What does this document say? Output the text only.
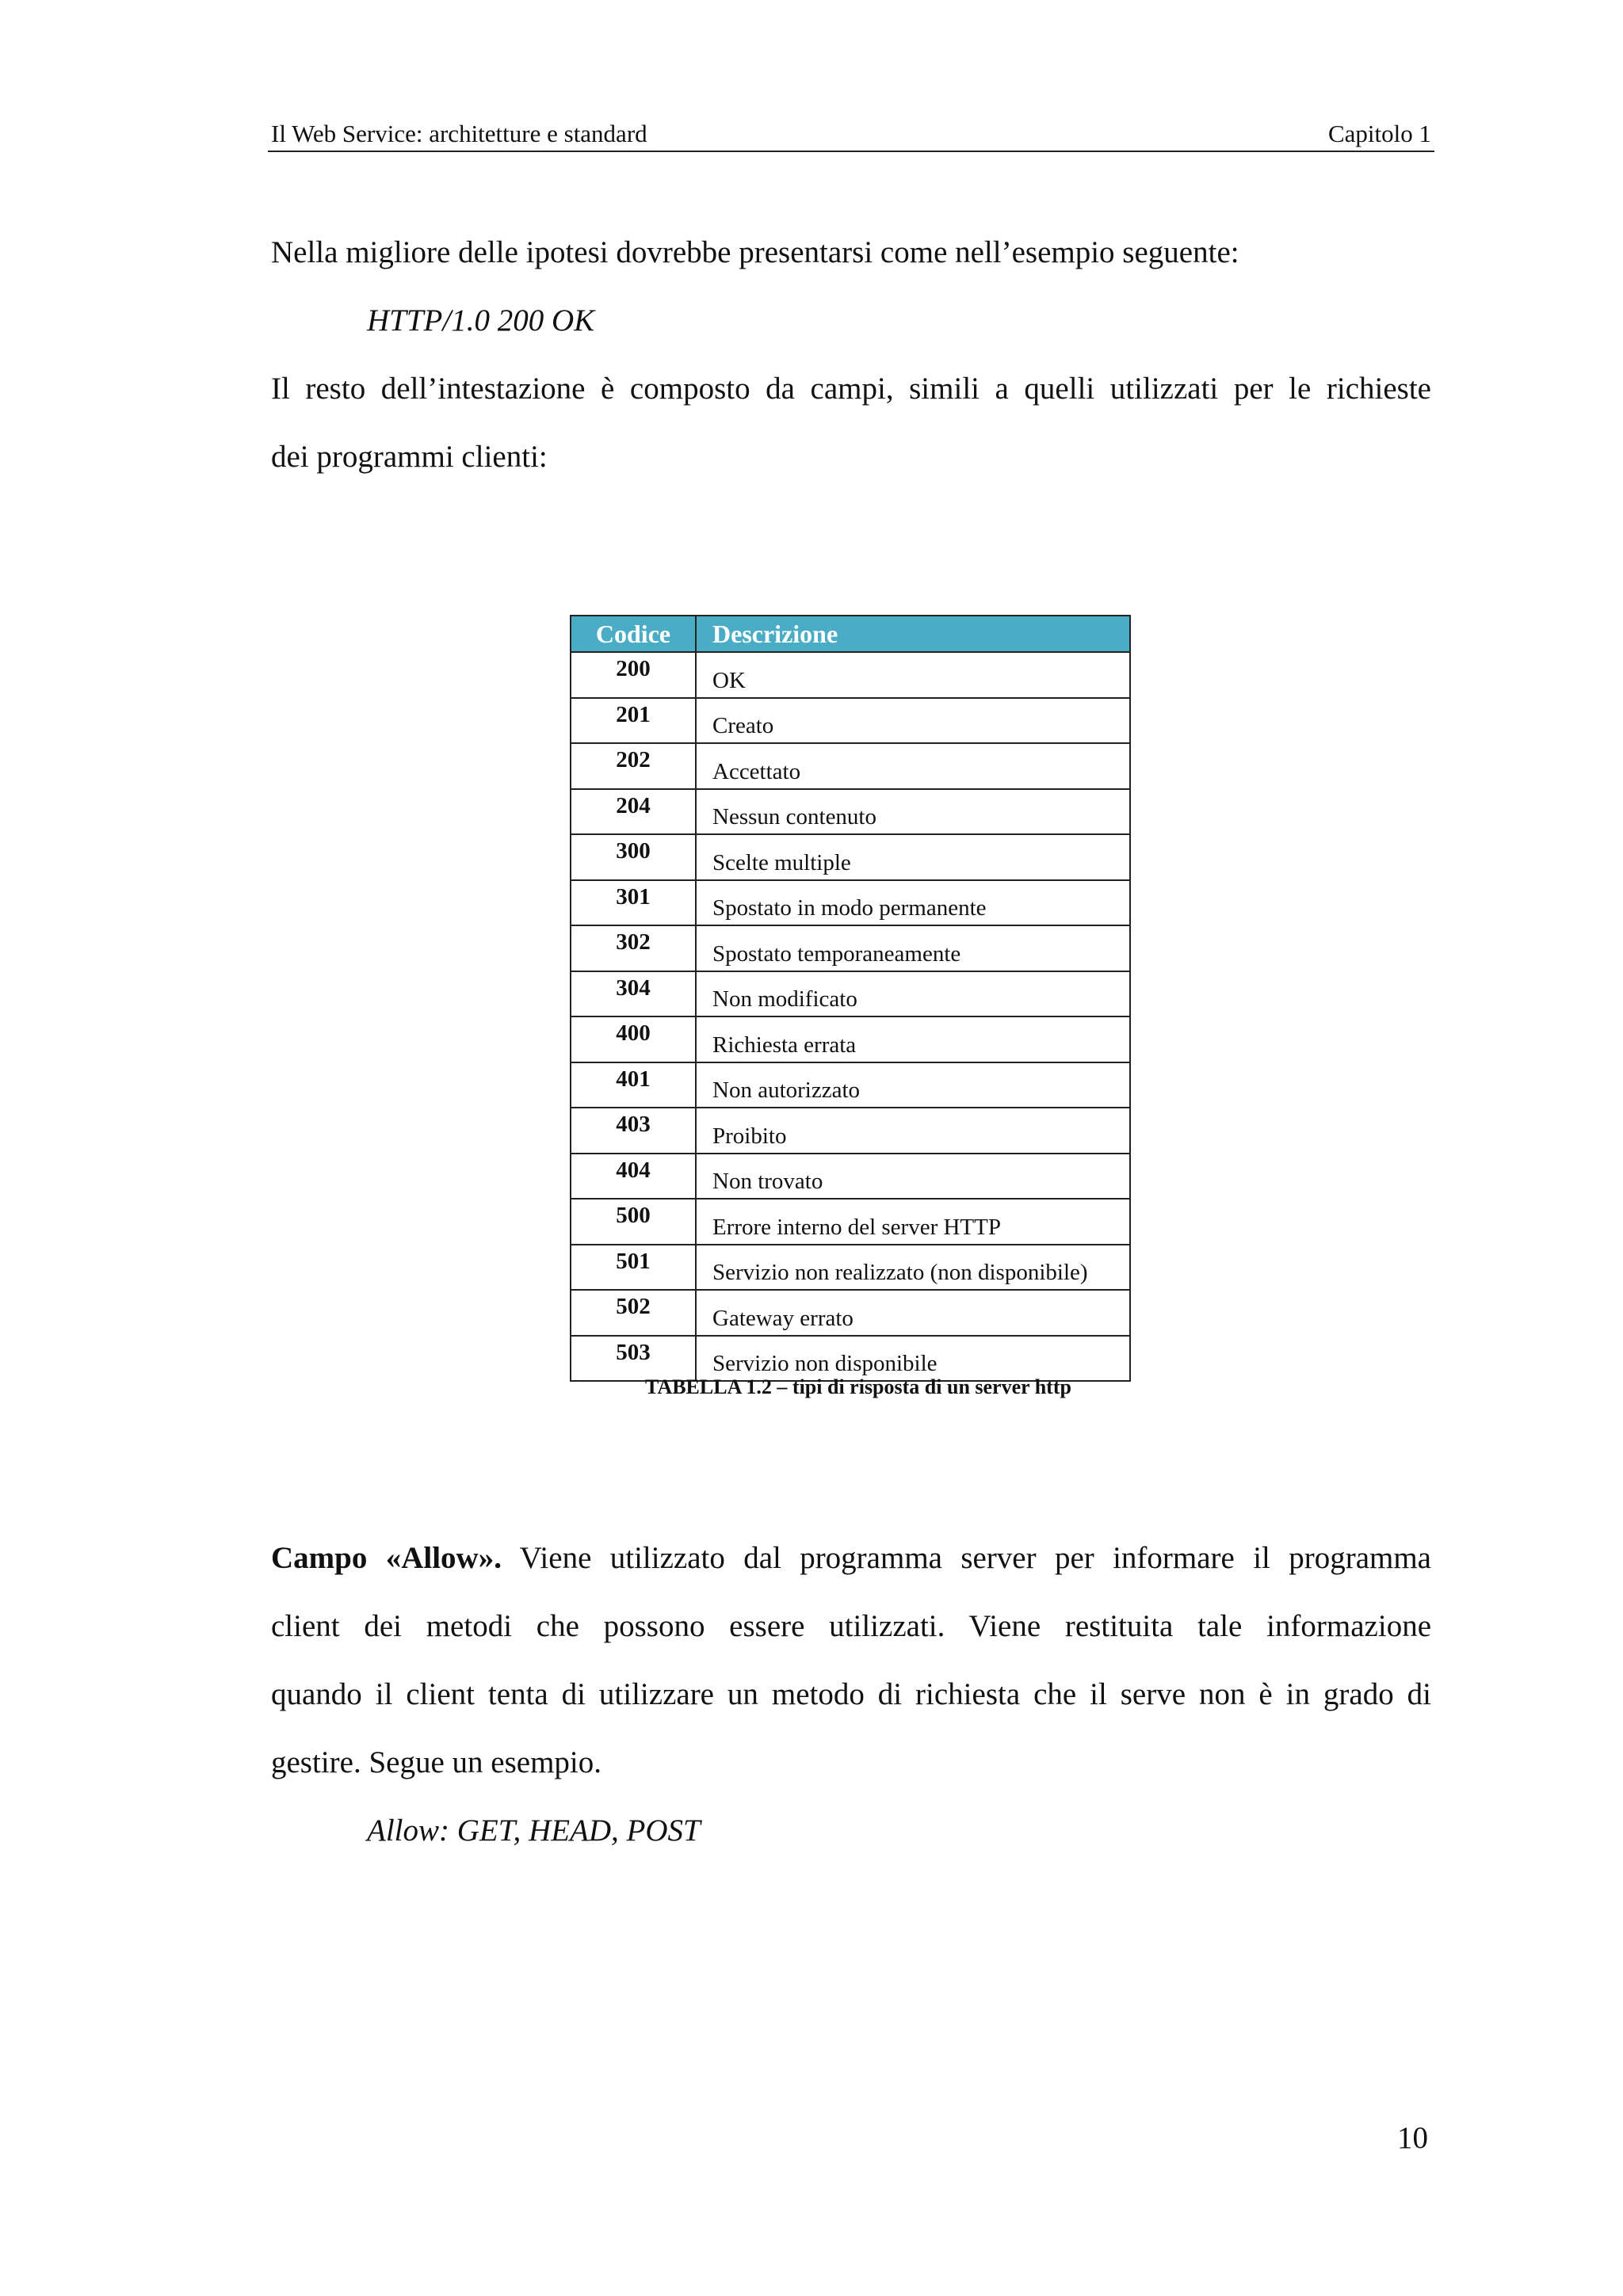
Il Web Service: architetture e standard	Capitolo 1
Nella migliore delle ipotesi dovrebbe presentarsi come nell’esempio seguente:
HTTP/1.0 200 OK
Il resto dell’intestazione è composto da campi, simili a quelli utilizzati per le richieste
dei programmi clienti:
Codice	Descrizione
200	OK
201	Creato
202	Accettato
204	Nessun contenuto
300	Scelte multiple
301	Spostato in modo permanente
302	Spostato temporaneamente
304	Non modificato
400	Richiesta errata
401	Non autorizzato
403	Proibito
404	Non trovato
500	Errore interno del server HTTP
501	Servizio non realizzato (non disponibile)
502	Gateway errato
503	Servizio non disponibile
TABELLA 1.2 – tipi di risposta di un server http
Campo «Allow». Viene utilizzato dal programma server per informare il programma
client dei metodi che possono essere utilizzati. Viene restituita tale informazione
quando il client tenta di utilizzare un metodo di richiesta che il serve non è in grado di
gestire. Segue un esempio.
Allow: GET, HEAD, POST
10
